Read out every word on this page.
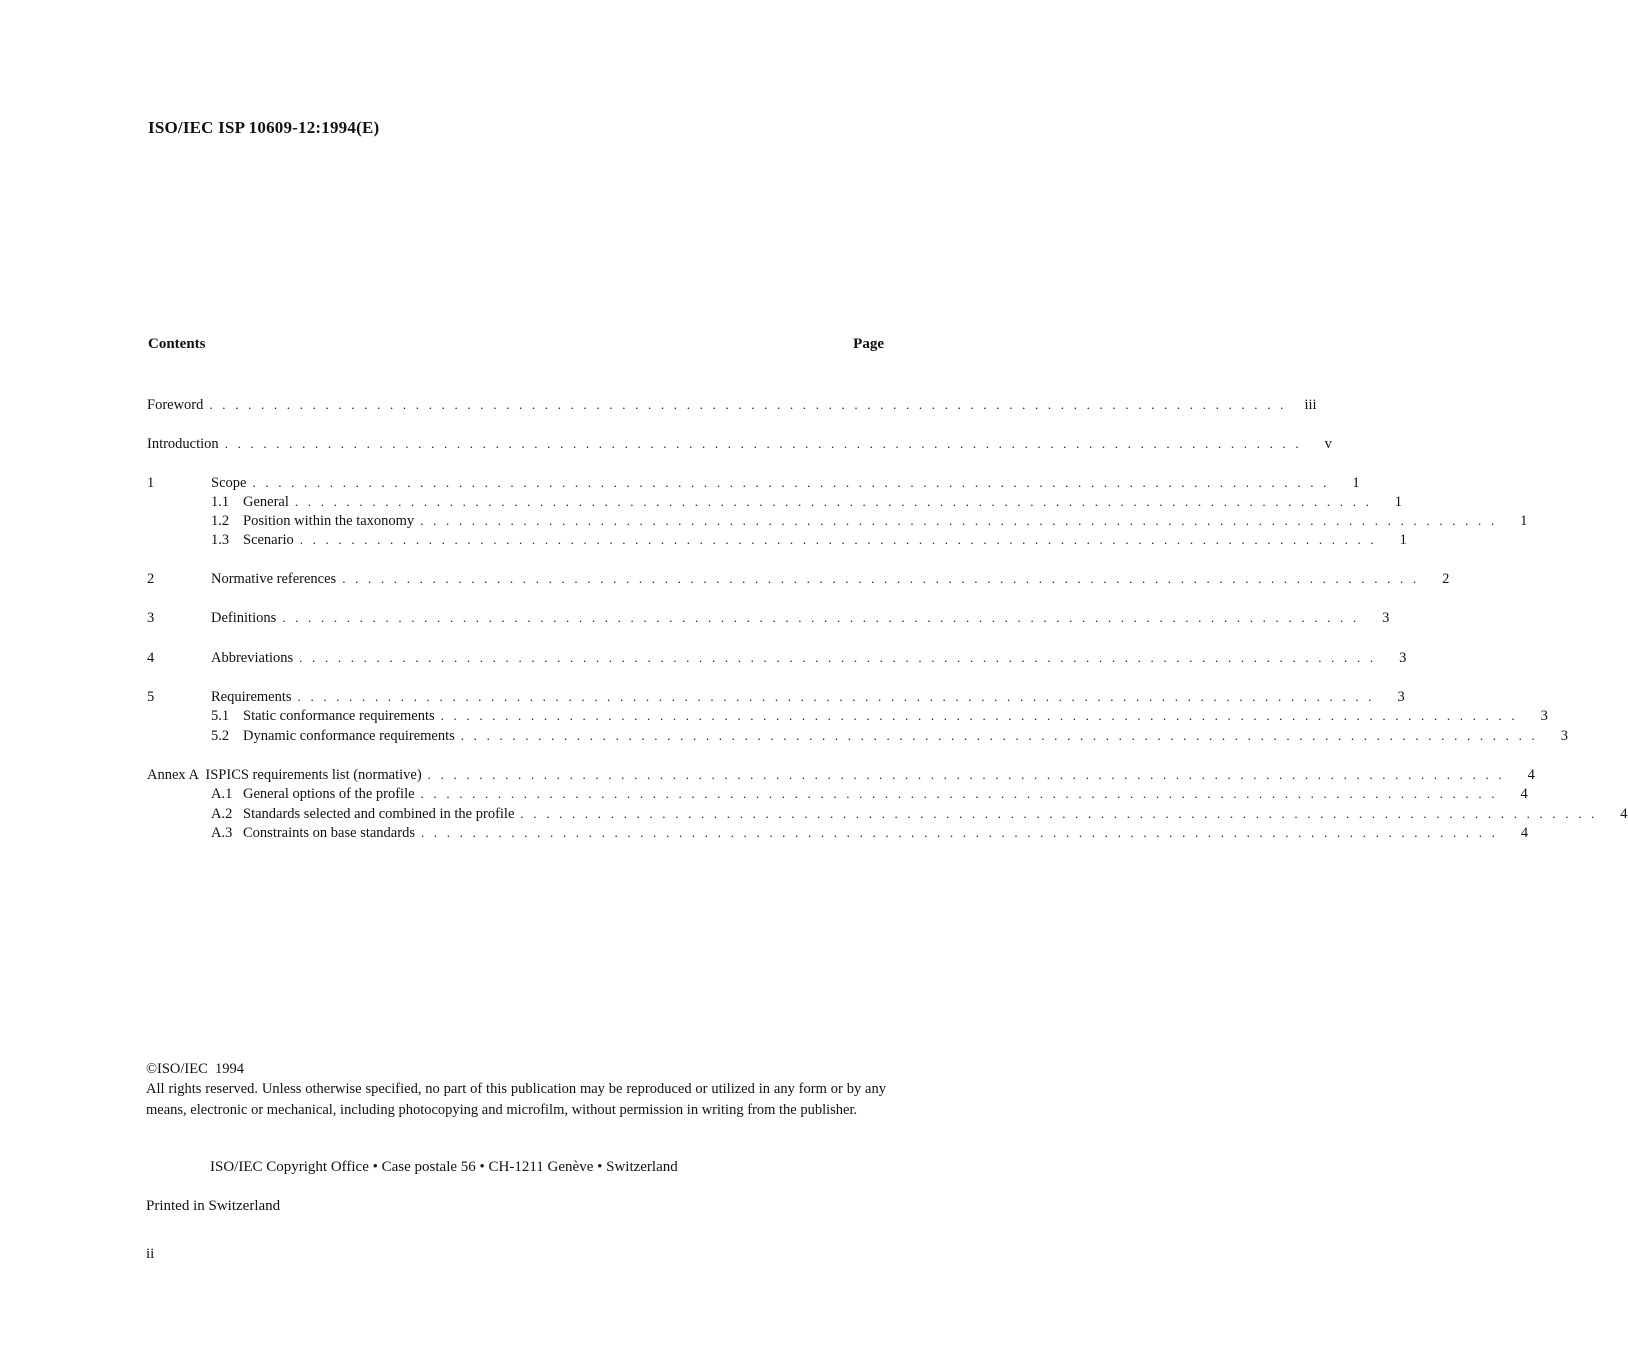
ISO/IEC ISP 10609-12:1994(E)
Contents	Page
Foreword . . . . . . . . . . . . . . . . . . . . . . . . . . . . . . . . . . . . . . . . . . . . . . . . . . . . . . . . . . . . . . . . . . . . . . . . . . . . . . . . . . . .	iii
Introduction . . . . . . . . . . . . . . . . . . . . . . . . . . . . . . . . . . . . . . . . . . . . . . . . . . . . . . . . . . . . . . . . . . . . . . . . . . . . . . . . . . . .	v
1	Scope . . . . . . . . . . . . . . . . . . . . . . . . . . . . . . . . . . . . . . . . . . . . . . . . . . . . . . . . . . . . . . . . . . . . . . . . . . . . . . . . . . . .	1
1.1 General . . . . . . . . . . . . . . . . . . . . . . . . . . . . . . . . . . . . . . . . . . . . . . . . . . . . . . . . . . . . . . . . . . . . . . . . . . . . . . . . . . . .	1
1.2 Position within the taxonomy . . . . . . . . . . . . . . . . . . . . . . . . . . . . . . . . . . . . . . . . . . . . . . . . . . . . . . . . . . . . . . . . . . . . . . . . . . . . . . . . . . . .	1
1.3 Scenario . . . . . . . . . . . . . . . . . . . . . . . . . . . . . . . . . . . . . . . . . . . . . . . . . . . . . . . . . . . . . . . . . . . . . . . . . . . . . . . . . . . .	1
2	Normative references . . . . . . . . . . . . . . . . . . . . . . . . . . . . . . . . . . . . . . . . . . . . . . . . . . . . . . . . . . . . . . . . . . . . . . . . . . . . . . . . . . . .	2
3	Definitions . . . . . . . . . . . . . . . . . . . . . . . . . . . . . . . . . . . . . . . . . . . . . . . . . . . . . . . . . . . . . . . . . . . . . . . . . . . . . . . . . . . .	3
4	Abbreviations . . . . . . . . . . . . . . . . . . . . . . . . . . . . . . . . . . . . . . . . . . . . . . . . . . . . . . . . . . . . . . . . . . . . . . . . . . . . . . . . . . . .	3
5	Requirements . . . . . . . . . . . . . . . . . . . . . . . . . . . . . . . . . . . . . . . . . . . . . . . . . . . . . . . . . . . . . . . . . . . . . . . . . . . . . . . . . . . .	3
5.1 Static conformance requirements . . . . . . . . . . . . . . . . . . . . . . . . . . . . . . . . . . . . . . . . . . . . . . . . . . . . . . . . . . . . . . . . . . . . . . . . . . . . . . . . . . . .	3
5.2 Dynamic conformance requirements . . . . . . . . . . . . . . . . . . . . . . . . . . . . . . . . . . . . . . . . . . . . . . . . . . . . . . . . . . . . . . . . . . . . . . . . . . . . . . . . . . . .	3
Annex A  ISPICS requirements list (normative) . . . . . . . . . . . . . . . . . . . . . . . . . . . . . . . . . . . . . . . . . . . . . . . . . . . . . . . . . . . . . . . . . . . . . . . . . . . . . . . . . . . .	4
A.1 General options of the profile . . . . . . . . . . . . . . . . . . . . . . . . . . . . . . . . . . . . . . . . . . . . . . . . . . . . . . . . . . . . . . . . . . . . . . . . . . . . . . . . . . . .	4
A.2 Standards selected and combined in the profile . . . . . . . . . . . . . . . . . . . . . . . . . . . . . . . . . . . . . . . . . . . . . . . . . . . . . . . . . . . . . . . . . . . . . . . . . . . . . . . . . . . .	4
A.3 Constraints on base standards . . . . . . . . . . . . . . . . . . . . . . . . . . . . . . . . . . . . . . . . . . . . . . . . . . . . . . . . . . . . . . . . . . . . . . . . . . . . . . . . . . . .	4
©ISO/IEC  1994
All rights reserved. Unless otherwise specified, no part of this publication may be reproduced or utilized in any form or by any means, electronic or mechanical, including photocopying and microfilm, without permission in writing from the publisher.
ISO/IEC Copyright Office • Case postale 56 • CH-1211 Genève • Switzerland
Printed in Switzerland
ii
